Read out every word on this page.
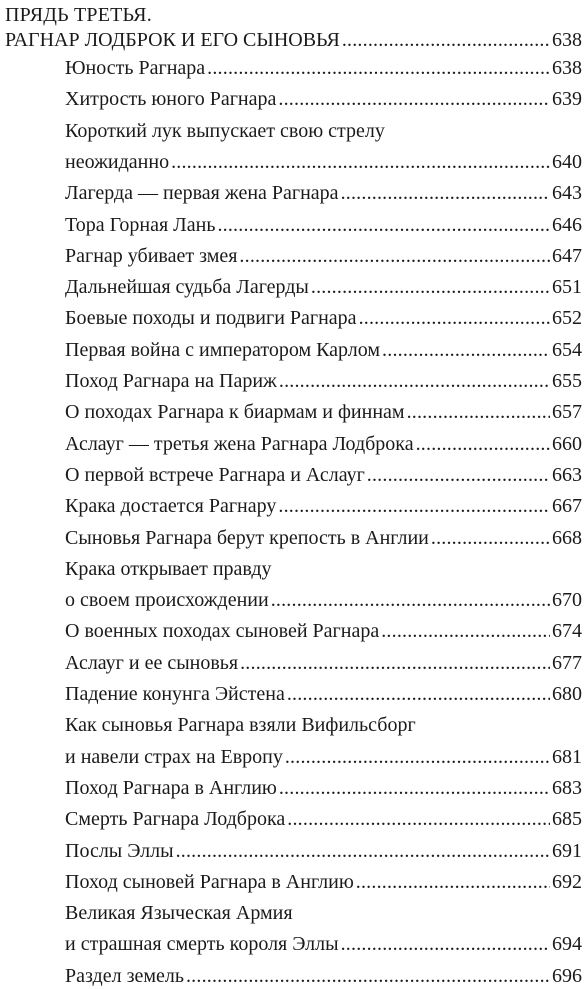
ПРЯДЬ ТРЕТЬЯ.
РАГНАР ЛОДБРОК И ЕГО СЫНОВЬЯ . . .	638
Юность Рагнара . . .	638
Хитрость юного Рагнара . . .	639
Короткий лук выпускает свою стрелу
неожиданно . . .	640
Лагерда — первая жена Рагнара . . .	643
Тора Горная Лань . . .	646
Рагнар убивает змея . . .	647
Дальнейшая судьба Лагерды . . .	651
Боевые походы и подвиги Рагнара . . .	652
Первая война с императором Карлом . . .	654
Поход Рагнара на Париж . . .	655
О походах Рагнара к биармам и финнам . . .	657
Аслауг — третья жена Рагнара Лодброка . . .	660
О первой встрече Рагнара и Аслауг . . .	663
Крака достается Рагнару . . .	667
Сыновья Рагнара берут крепость в Англии . . .	668
Крака открывает правду
о своем происхождении . . .	670
О военных походах сыновей Рагнара . . .	674
Аслауг и ее сыновья . . .	677
Падение конунга Эйстена . . .	680
Как сыновья Рагнара взяли Вифильсборг
и навели страх на Европу . . .	681
Поход Рагнара в Англию . . .	683
Смерть Рагнара Лодброка . . .	685
Послы Эллы . . .	691
Поход сыновей Рагнара в Англию . . .	692
Великая Языческая Армия
и страшная смерть короля Эллы . . .	694
Раздел земель . . .	696
